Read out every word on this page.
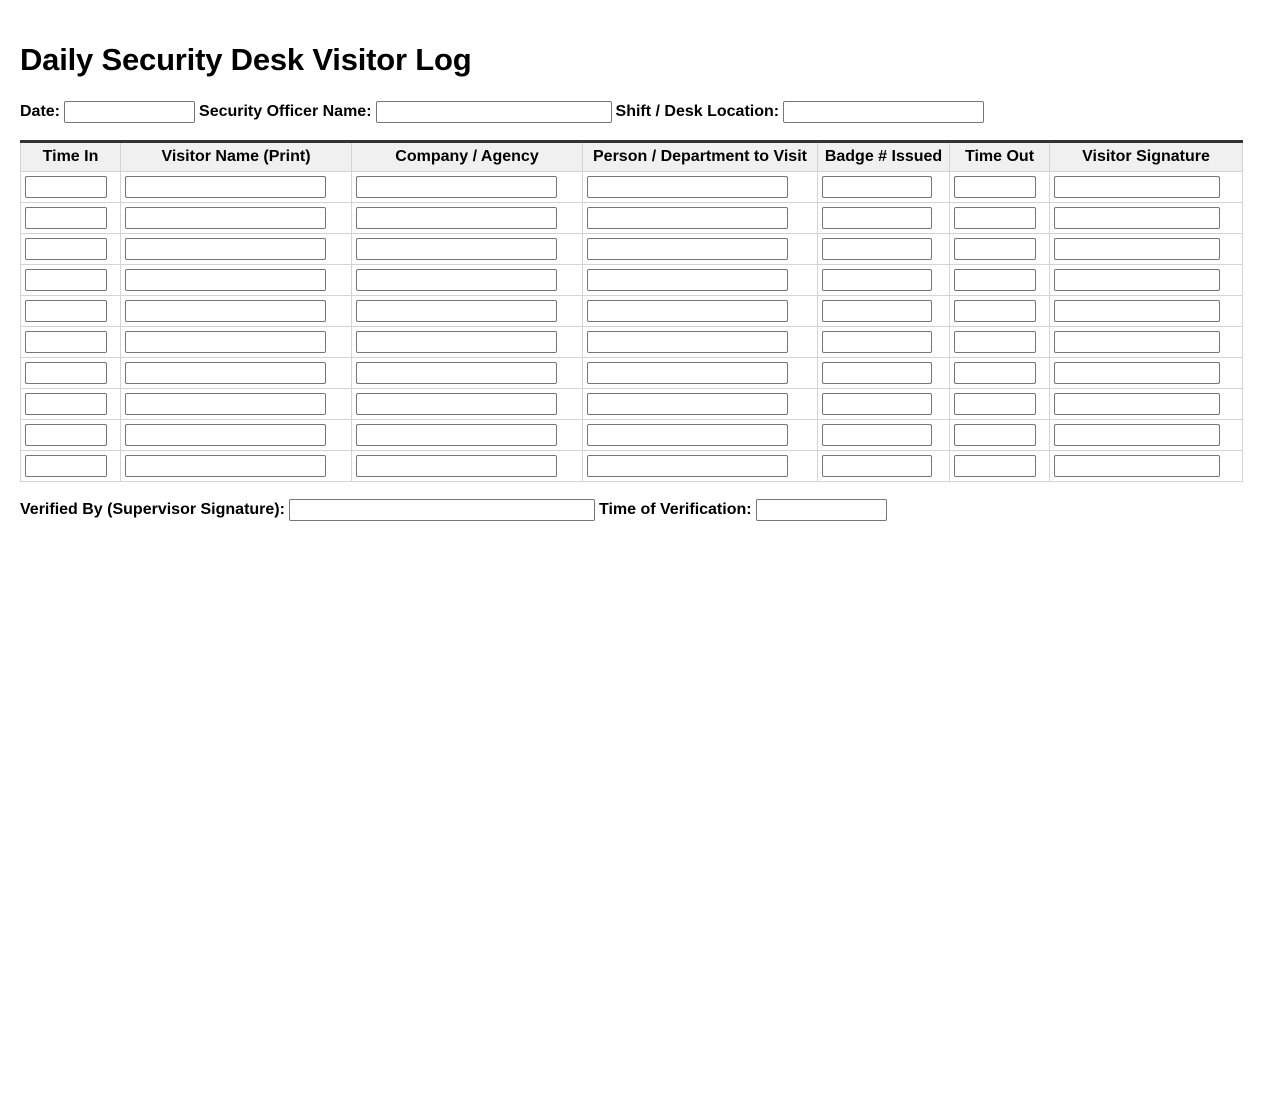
Daily Security Desk Visitor Log
Date:	Security Officer Name:	Shift / Desk Location:
Time In	Visitor Name (Print)	Company / Agency	Person / Department to Visit	Badge # Issued	Time Out	Visitor Signature

Verified By (Supervisor Signature):	Time of Verification:
